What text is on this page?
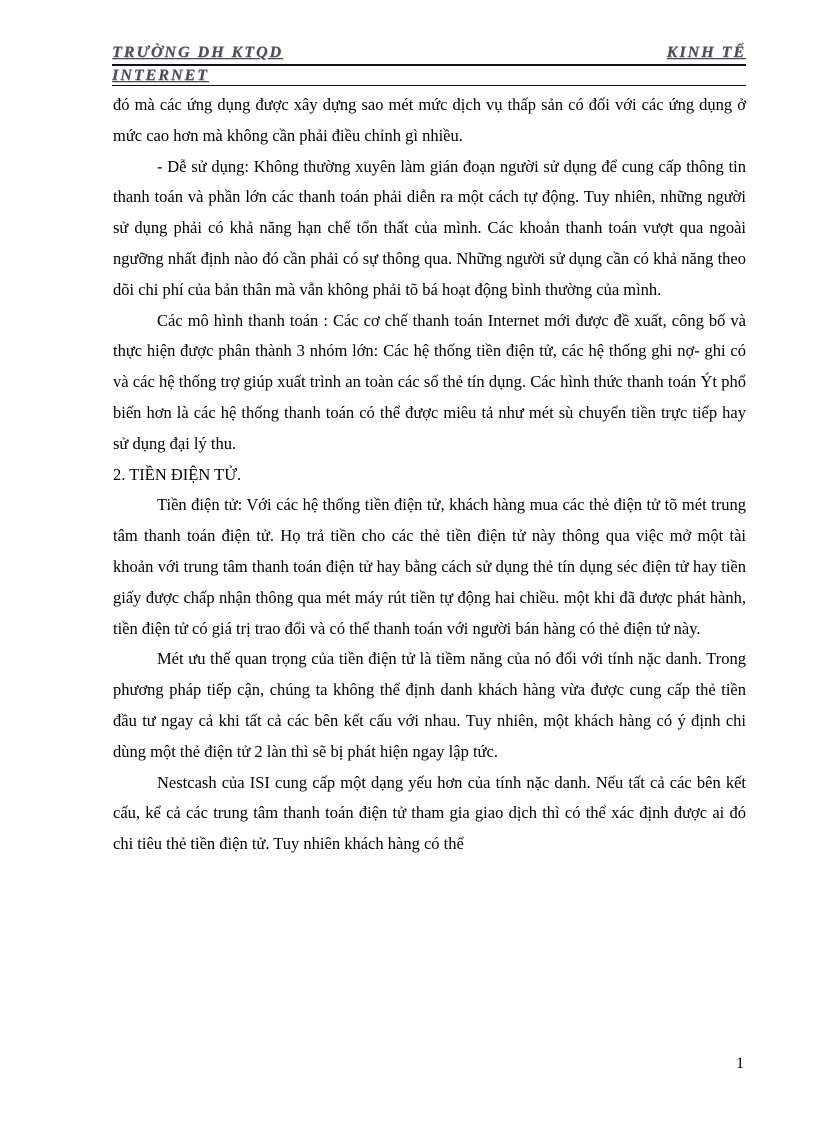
TRƯỜNG DH KTQD	KINH TẾ
INTERNET

đó mà các ứng dụng được xây dựng sao mét mức dịch vụ thấp sản có đối với các ứng dụng ở mức cao hơn mà không cần phải điều chỉnh gì nhiều.

- Dễ sử dụng: Không thường xuyên làm gián đoạn người sử dụng để cung cấp thông tin thanh toán và phần lớn các thanh toán phải diễn ra một cách tự động. Tuy nhiên, những người sử dụng phải có khả năng hạn chế tổn thất của mình. Các khoản thanh toán vượt qua ngoài ngưỡng nhất định nào đó cần phải có sự thông qua. Những người sử dụng cần có khả năng theo dõi chi phí của bản thân mà vẫn không phải tõ bá hoạt động bình thường của mình.

Các mô hình thanh toán : Các cơ chế thanh toán Internet mới được đề xuất, công bố và thực hiện được phân thành 3 nhóm lớn: Các hệ thống tiền điện tử, các hệ thống ghi nợ- ghi có và các hệ thống trợ giúp xuất trình an toàn các số thẻ tín dụng. Các hình thức thanh toán Ýt phổ biến hơn là các hệ thống thanh toán có thể được miêu tả như mét sù chuyển tiền trực tiếp hay sử dụng đại lý thu.

2. TIỀN ĐIỆN TỬ.

Tiền điện tử: Với các hệ thống tiền điện tử, khách hàng mua các thẻ điện tử tõ mét trung tâm thanh toán điện tử. Họ trả tiền cho các thẻ tiền điện tử này thông qua việc mở một tài khoản với trung tâm thanh toán điện tử hay bằng cách sử dụng thẻ tín dụng séc điện tử hay tiền giấy được chấp nhận thông qua mét máy rút tiền tự động hai chiều. một khi đã được phát hành, tiền điện tử có giá trị trao đổi và có thể thanh toán với người bán hàng có thẻ điện tử này.

Mét ưu thế quan trọng của tiền điện tử là tiềm năng của nó đối với tính nặc danh. Trong phương pháp tiếp cận, chúng ta không thể định danh khách hàng vừa được cung cấp thẻ tiền đầu tư ngay cả khi tất cả các bên kết cấu với nhau. Tuy nhiên, một khách hàng có ý định chi dùng một thẻ điện tử 2 làn thì sẽ bị phát hiện ngay lập tức.

Nestcash của ISI cung cấp một dạng yếu hơn của tính nặc danh. Nếu tất cả các bên kết cấu, kể cả các trung tâm thanh toán điện tử tham gia giao dịch thì có thể xác định được ai đó chi tiêu thẻ tiền điện tử. Tuy nhiên khách hàng có thể

1
